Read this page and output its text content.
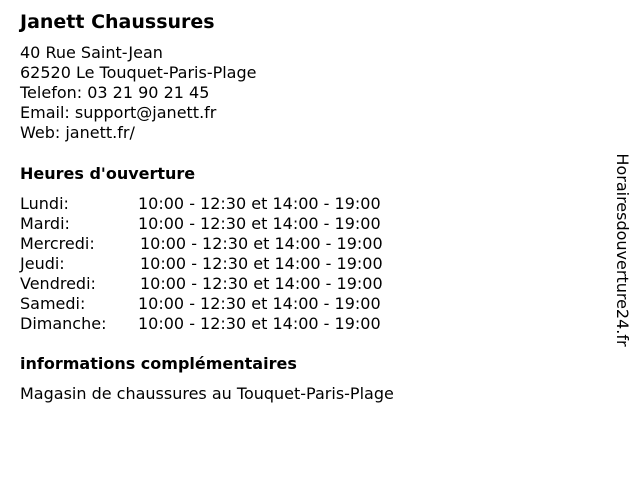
Janett Chaussures
40 Rue Saint-Jean
62520 Le Touquet-Paris-Plage
Telefon: 03 21 90 21 45
Email: support@janett.fr
Web: janett.fr/
Heures d'ouverture
Lundi:	10:00 - 12:30 et 14:00 - 19:00
Mardi:	10:00 - 12:30 et 14:00 - 19:00
Mercredi:	10:00 - 12:30 et 14:00 - 19:00
Jeudi:	10:00 - 12:30 et 14:00 - 19:00
Vendredi:	10:00 - 12:30 et 14:00 - 19:00
Samedi:	10:00 - 12:30 et 14:00 - 19:00
Dimanche: 10:00 - 12:30 et 14:00 - 19:00
informations complémentaires
Magasin de chaussures au Touquet-Paris-Plage
Horairesdouverture24.fr
